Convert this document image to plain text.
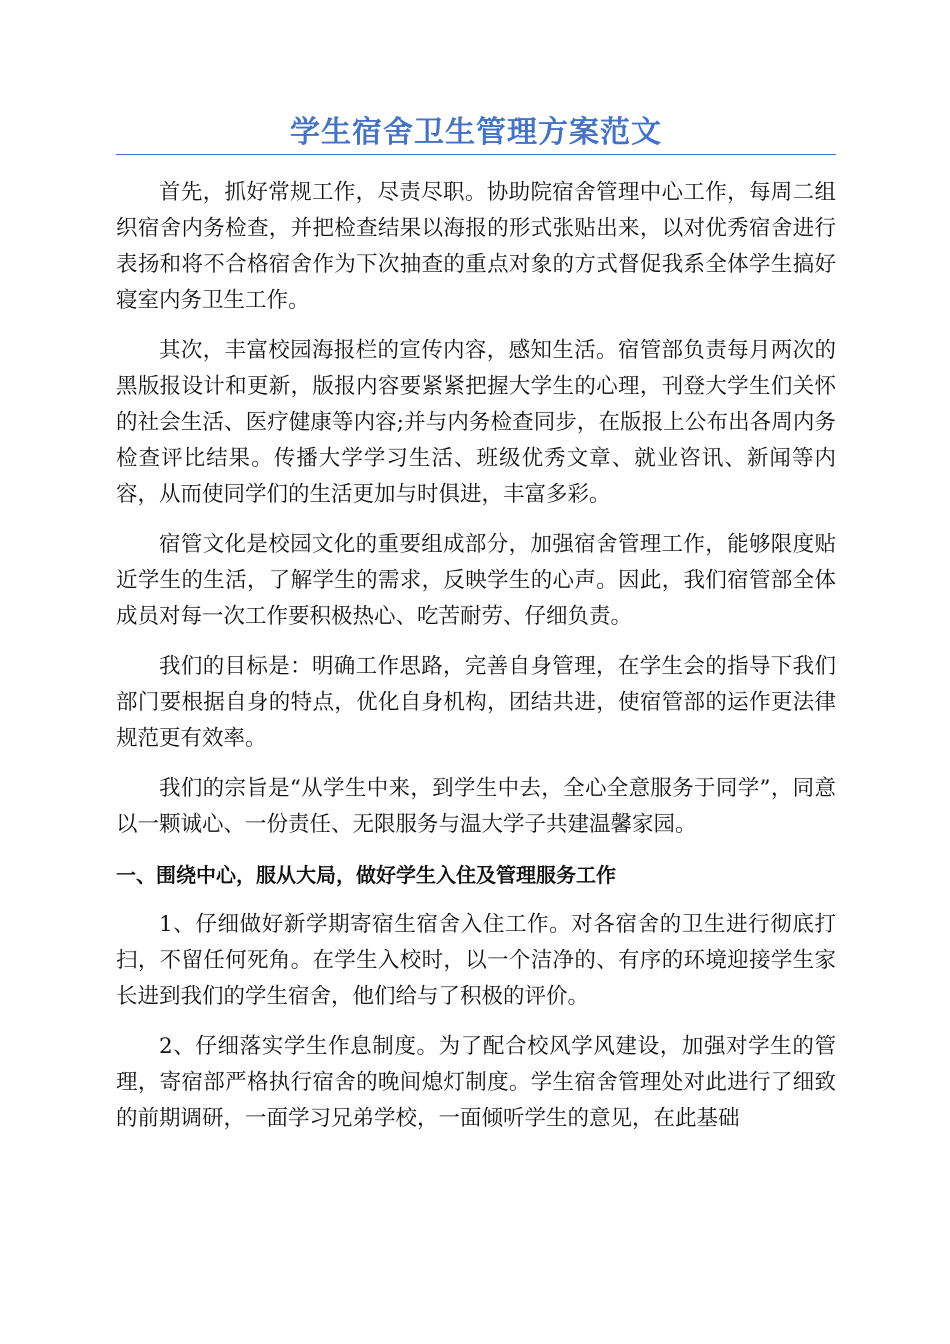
学生宿舍卫生管理方案范文

首先，抓好常规工作，尽责尽职。协助院宿舍管理中心工作，每周二组织宿舍内务检查，并把检查结果以海报的形式张贴出来，以对优秀宿舍进行表扬和将不合格宿舍作为下次抽查的重点对象的方式督促我系全体学生搞好寝室内务卫生工作。

其次，丰富校园海报栏的宣传内容，感知生活。宿管部负责每月两次的黑版报设计和更新，版报内容要紧紧把握大学生的心理，刊登大学生们关怀的社会生活、医疗健康等内容;并与内务检查同步，在版报上公布出各周内务检查评比结果。传播大学学习生活、班级优秀文章、就业咨讯、新闻等内容，从而使同学们的生活更加与时俱进，丰富多彩。

宿管文化是校园文化的重要组成部分，加强宿舍管理工作，能够限度贴近学生的生活，了解学生的需求，反映学生的心声。因此，我们宿管部全体成员对每一次工作要积极热心、吃苦耐劳、仔细负责。

我们的目标是：明确工作思路，完善自身管理，在学生会的指导下我们部门要根据自身的特点，优化自身机构，团结共进，使宿管部的运作更法律规范更有效率。

我们的宗旨是“从学生中来，到学生中去，全心全意服务于同学”，同意以一颗诚心、一份责任、无限服务与温大学子共建温馨家园。

一、围绕中心，服从大局，做好学生入住及管理服务工作

1、仔细做好新学期寄宿生宿舍入住工作。对各宿舍的卫生进行彻底打扫，不留任何死角。在学生入校时，以一个洁净的、有序的环境迎接学生家长进到我们的学生宿舍，他们给与了积极的评价。

2、仔细落实学生作息制度。为了配合校风学风建设，加强对学生的管理，寄宿部严格执行宿舍的晚间熄灯制度。学生宿舍管理处对此进行了细致的前期调研，一面学习兄弟学校，一面倾听学生的意见，在此基础
